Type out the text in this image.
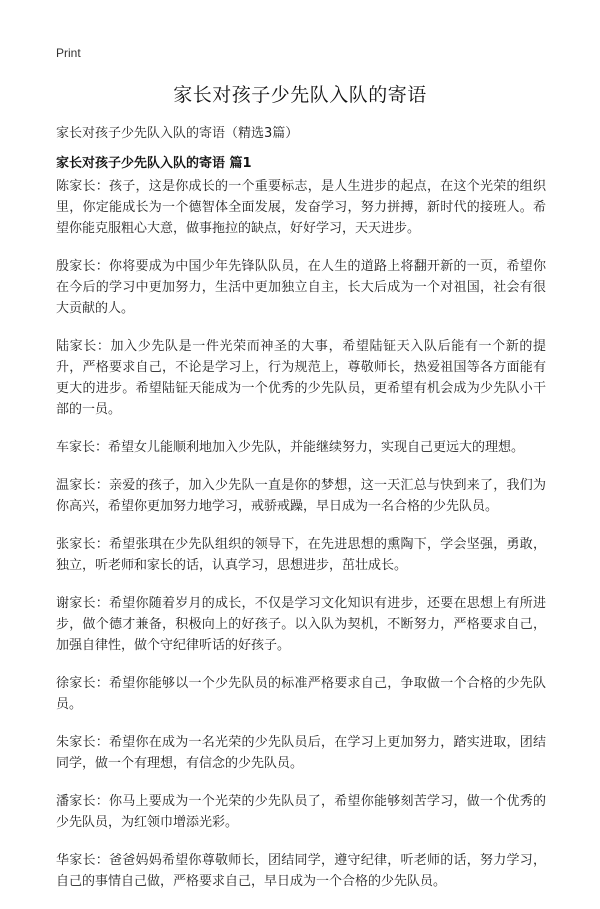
Print
家长对孩子少先队入队的寄语

家长对孩子少先队入队的寄语（精选3篇）

家长对孩子少先队入队的寄语 篇1

陈家长：孩子，这是你成长的一个重要标志，是人生进步的起点，在这个光荣的组织里，你定能成长为一个德智体全面发展，发奋学习，努力拼搏，新时代的接班人。希望你能克服粗心大意，做事拖拉的缺点，好好学习，天天进步。

殷家长：你将要成为中国少年先锋队队员，在人生的道路上将翻开新的一页，希望你在今后的学习中更加努力，生活中更加独立自主，长大后成为一个对祖国，社会有很大贡献的人。

陆家长：加入少先队是一件光荣而神圣的大事，希望陆钲天入队后能有一个新的提升，严格要求自己，不论是学习上，行为规范上，尊敬师长，热爱祖国等各方面能有更大的进步。希望陆钲天能成为一个优秀的少先队员，更希望有机会成为少先队小干部的一员。

车家长：希望女儿能顺利地加入少先队，并能继续努力，实现自己更远大的理想。

温家长：亲爱的孩子，加入少先队一直是你的梦想，这一天汇总与快到来了，我们为你高兴，希望你更加努力地学习，戒骄戒躁，早日成为一名合格的少先队员。

张家长：希望张琪在少先队组织的领导下，在先进思想的熏陶下，学会坚强，勇敢，独立，听老师和家长的话，认真学习，思想进步，茁壮成长。

谢家长：希望你随着岁月的成长，不仅是学习文化知识有进步，还要在思想上有所进步，做个德才兼备，积极向上的好孩子。以入队为契机，不断努力，严格要求自己，加强自律性，做个守纪律听话的好孩子。

徐家长：希望你能够以一个少先队员的标准严格要求自己，争取做一个合格的少先队员。

朱家长：希望你在成为一名光荣的少先队员后，在学习上更加努力，踏实进取，团结同学，做一个有理想，有信念的少先队员。

潘家长：你马上要成为一个光荣的少先队员了，希望你能够刻苦学习，做一个优秀的少先队员，为红领巾增添光彩。

华家长：爸爸妈妈希望你尊敬师长，团结同学，遵守纪律，听老师的话，努力学习，自己的事情自己做，严格要求自己，早日成为一个合格的少先队员。
